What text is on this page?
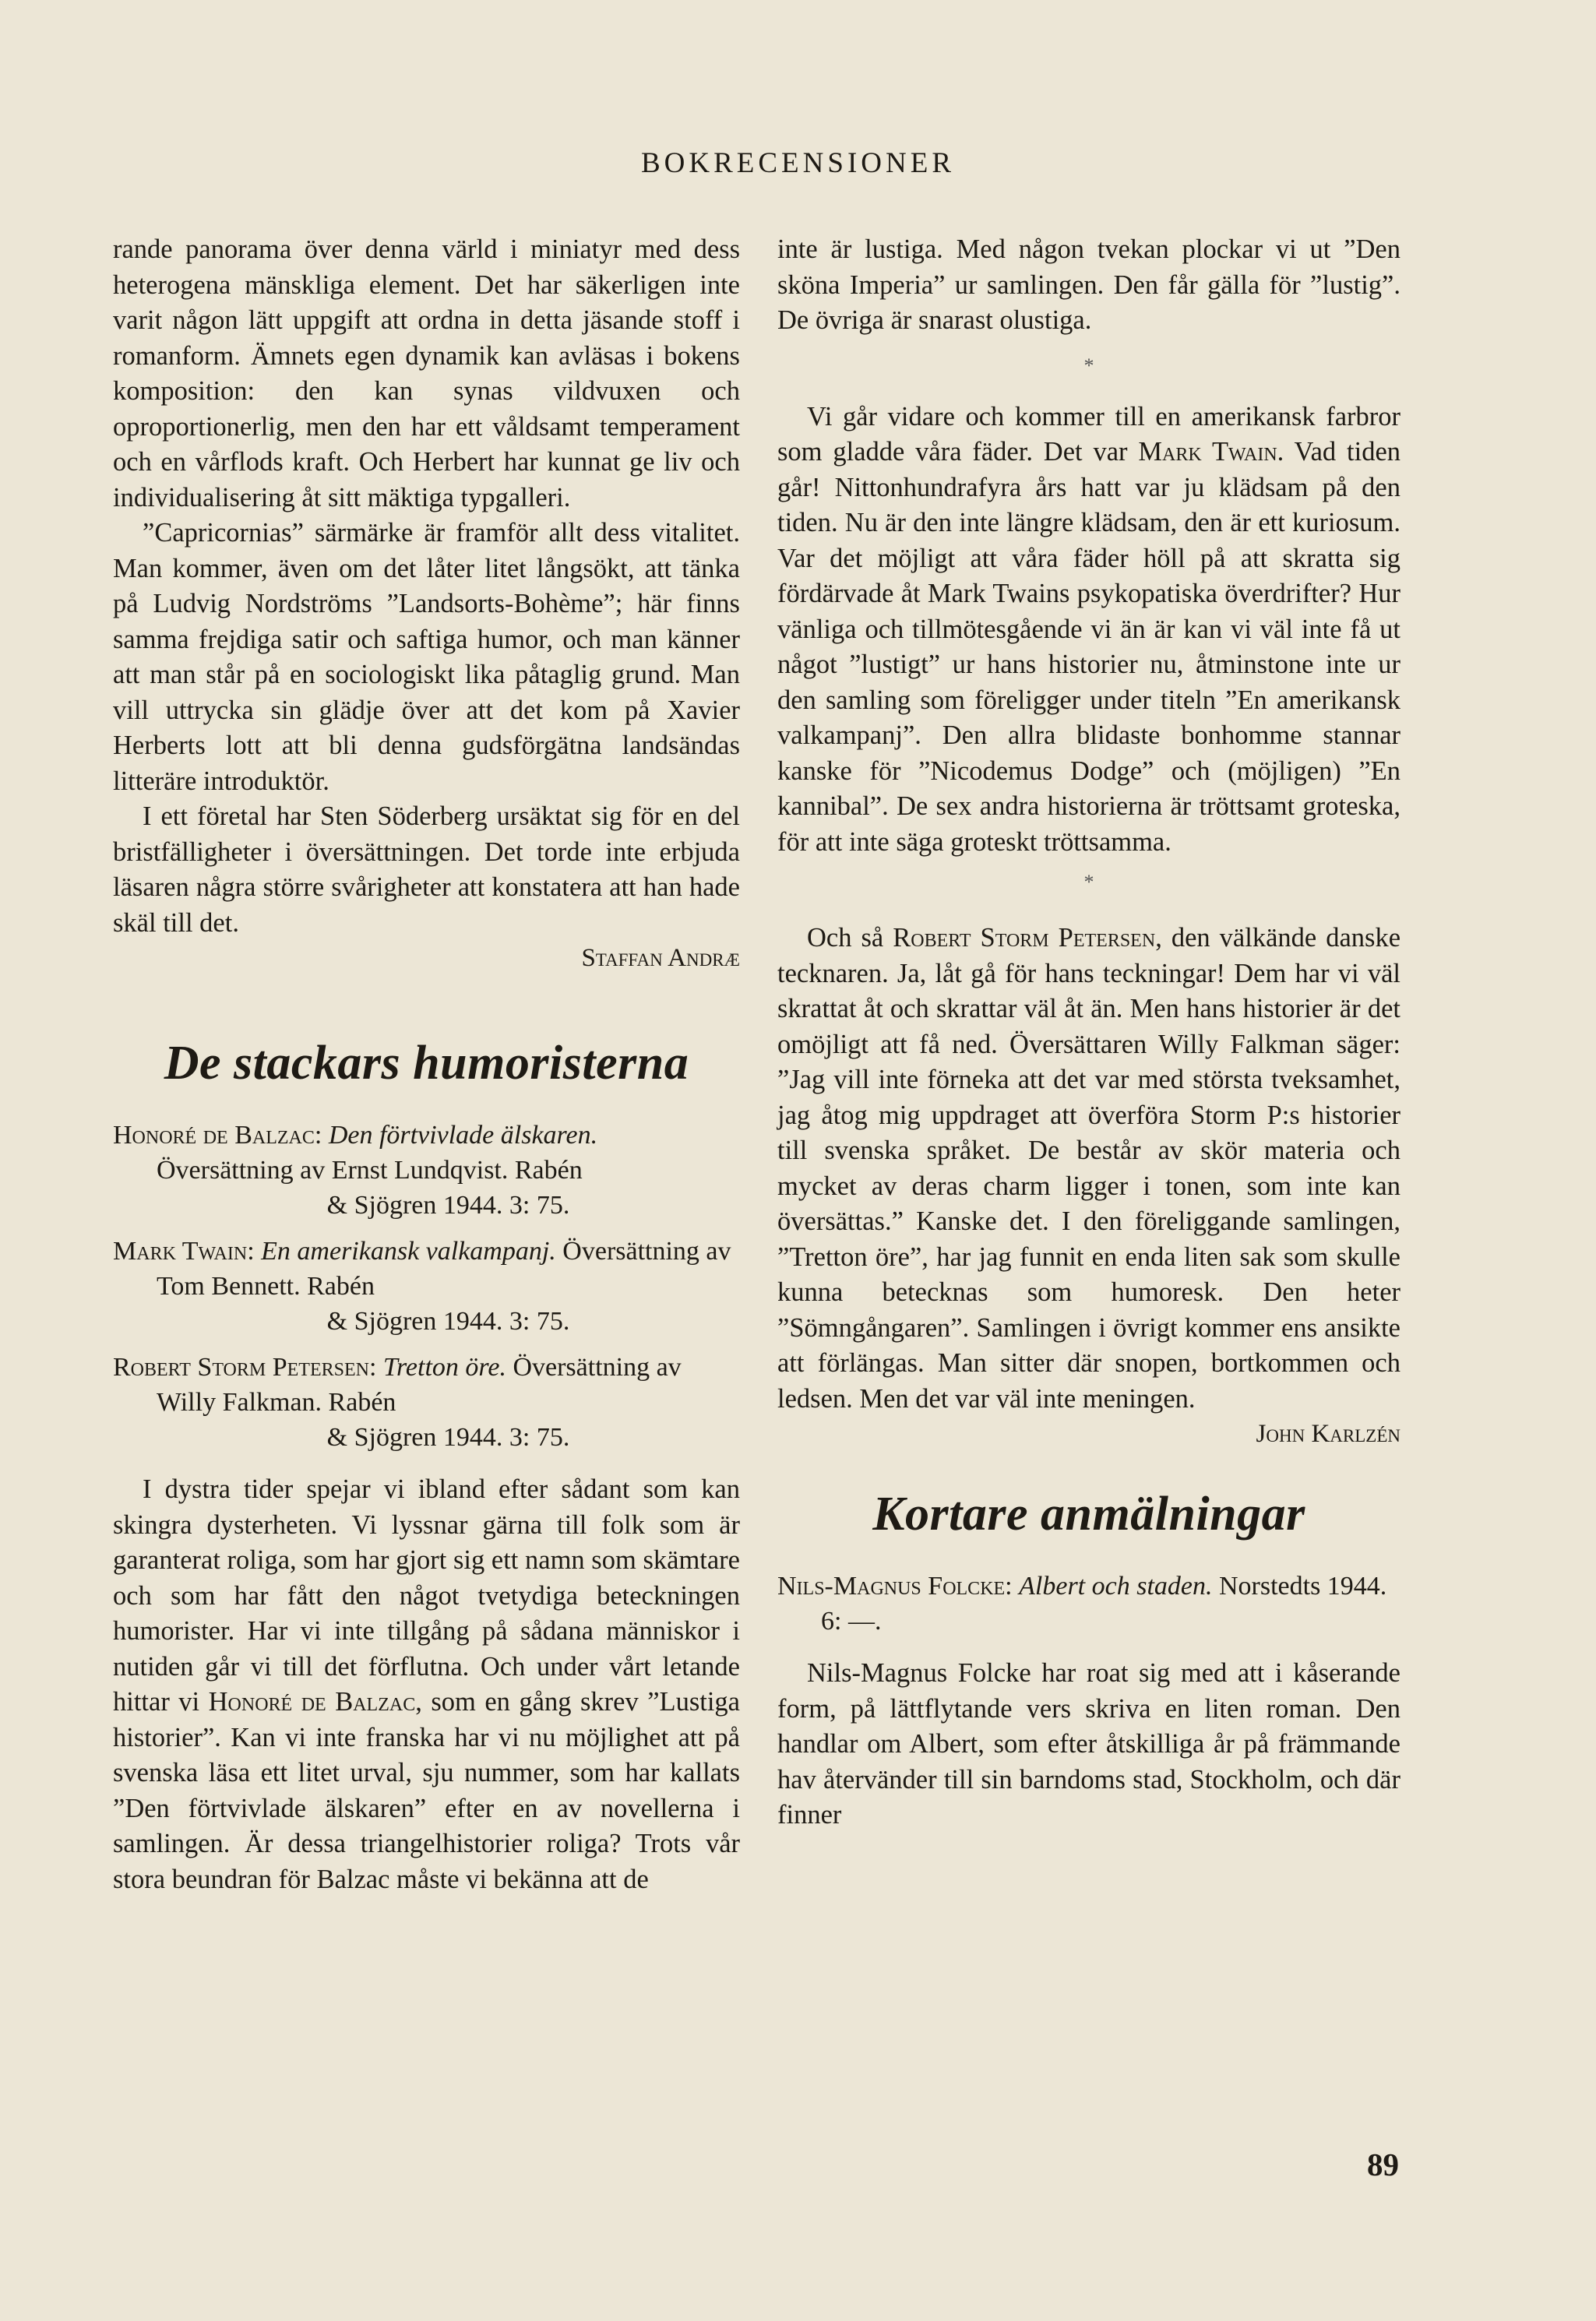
BOKRECENSIONER

rande panorama över denna värld i miniatyr med dess heterogena mänskliga element. Det har säkerligen inte varit någon lätt uppgift att ordna in detta jäsande stoff i romanform. Ämnets egen dynamik kan avläsas i bokens komposition: den kan synas vildvuxen och oproportionerlig, men den har ett våldsamt temperament och en vårflods kraft. Och Herbert har kunnat ge liv och individualisering åt sitt mäktiga typgalleri.

”Capricornias” särmärke är framför allt dess vitalitet. Man kommer, även om det låter litet långsökt, att tänka på Ludvig Nordströms ”Landsorts-Bohème”; här finns samma frejdiga satir och saftiga humor, och man känner att man står på en sociologiskt lika påtaglig grund. Man vill uttrycka sin glädje över att det kom på Xavier Herberts lott att bli denna gudsförgätna landsändas litteräre introduktör.

I ett företal har Sten Söderberg ursäktat sig för en del bristfälligheter i översättningen. Det torde inte erbjuda läsaren några större svårigheter att konstatera att han hade skäl till det.

Staffan Andræ
De stackars humoristerna
Honoré de Balzac: Den förtvivlade älskaren. Översättning av Ernst Lundqvist. Rabén
& Sjögren 1944. 3: 75.
Mark Twain: En amerikansk valkampanj. Översättning av Tom Bennett. Rabén
& Sjögren 1944. 3: 75.
Robert Storm Petersen: Tretton öre. Översättning av Willy Falkman. Rabén
& Sjögren 1944. 3: 75.

I dystra tider spejar vi ibland efter sådant som kan skingra dysterheten. Vi lyssnar gärna till folk som är garanterat roliga, som har gjort sig ett namn som skämtare och som har fått den något tvetydiga beteckningen humorister. Har vi inte tillgång på sådana människor i nutiden går vi till det förflutna. Och under vårt letande hittar vi Honoré de Balzac, som en gång skrev ”Lustiga historier”. Kan vi inte franska har vi nu möjlighet att på svenska läsa ett litet urval, sju nummer, som har kallats ”Den förtvivlade älskaren” efter en av novellerna i samlingen. Är dessa triangelhistorier roliga? Trots vår stora beundran för Balzac måste vi bekänna att de

inte är lustiga. Med någon tvekan plockar vi ut ”Den sköna Imperia” ur samlingen. Den får gälla för ”lustig”. De övriga är snarast olustiga.

*

Vi går vidare och kommer till en amerikansk farbror som gladde våra fäder. Det var Mark Twain. Vad tiden går! Nittonhundrafyra års hatt var ju klädsam på den tiden. Nu är den inte längre klädsam, den är ett kuriosum. Var det möjligt att våra fäder höll på att skratta sig fördärvade åt Mark Twains psykopatiska överdrifter? Hur vänliga och tillmötesgående vi än är kan vi väl inte få ut något ”lustigt” ur hans historier nu, åtminstone inte ur den samling som föreligger under titeln ”En amerikansk valkampanj”. Den allra blidaste bonhomme stannar kanske för ”Nicodemus Dodge” och (möjligen) ”En kannibal”. De sex andra historierna är tröttsamt groteska, för att inte säga groteskt tröttsamma.

*

Och så Robert Storm Petersen, den välkände danske tecknaren. Ja, låt gå för hans teckningar! Dem har vi väl skrattat åt och skrattar väl åt än. Men hans historier är det omöjligt att få ned. Översättaren Willy Falkman säger: ”Jag vill inte förneka att det var med största tveksamhet, jag åtog mig uppdraget att överföra Storm P:s historier till svenska språket. De består av skör materia och mycket av deras charm ligger i tonen, som inte kan översättas.” Kanske det. I den föreliggande samlingen, ”Tretton öre”, har jag funnit en enda liten sak som skulle kunna betecknas som humoresk. Den heter ”Sömngångaren”. Samlingen i övrigt kommer ens ansikte att förlängas. Man sitter där snopen, bortkommen och ledsen. Men det var väl inte meningen.

John Karlzén
Kortare anmälningar
Nils-Magnus Folcke: Albert och staden. Norstedts 1944. 6: —.

Nils-Magnus Folcke har roat sig med att i kåserande form, på lättflytande vers skriva en liten roman. Den handlar om Albert, som efter åtskilliga år på främmande hav återvänder till sin barndoms stad, Stockholm, och där finner

89
